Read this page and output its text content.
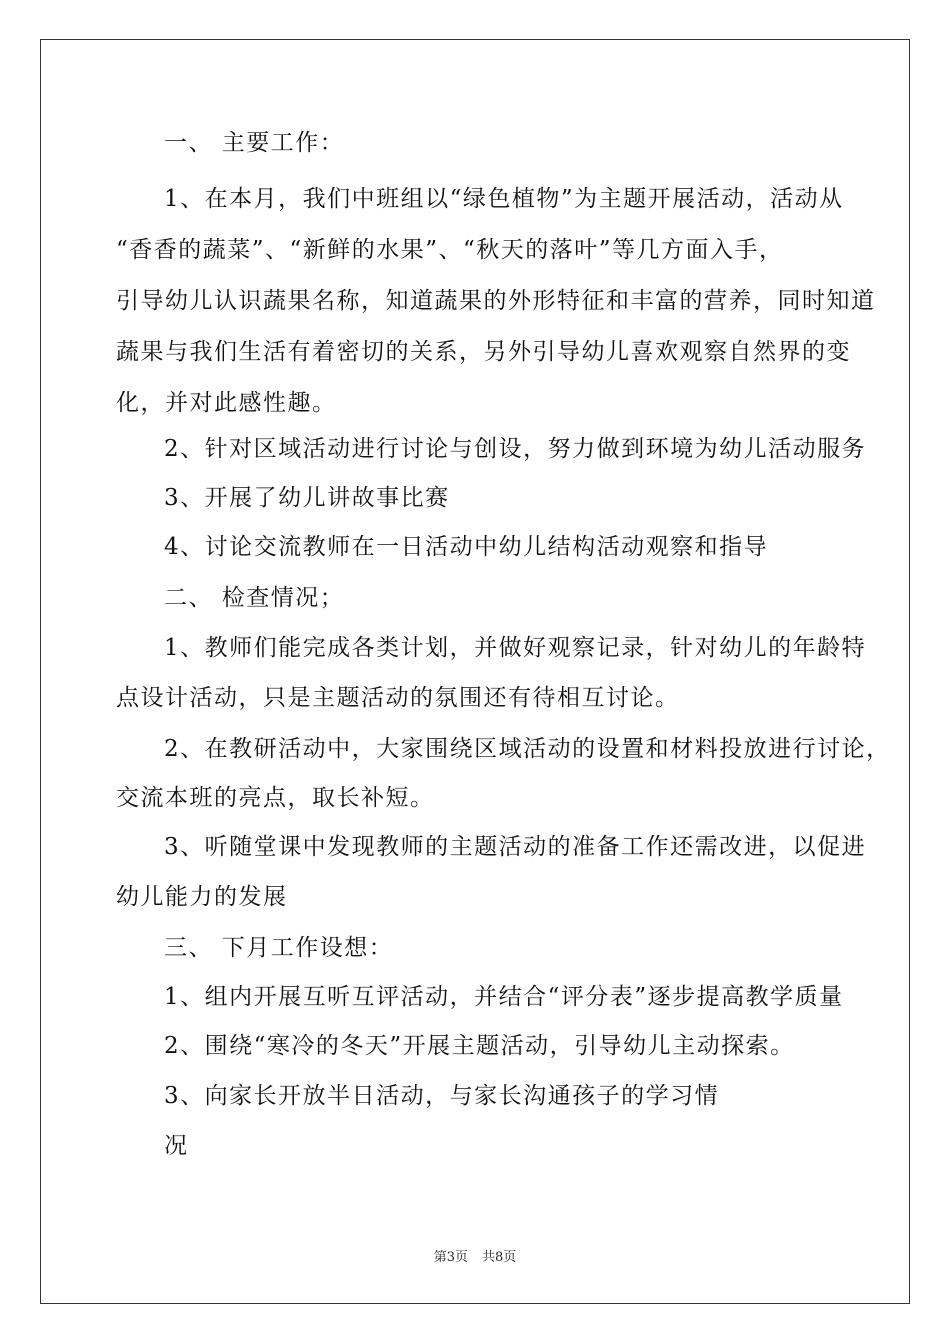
一、 主要工作：
1、在本月，我们中班组以“绿色植物”为主题开展活动，活动从
“香香的蔬菜”、“新鲜的水果”、“秋天的落叶”等几方面入手，
引导幼儿认识蔬果名称，知道蔬果的外形特征和丰富的营养，同时知道
蔬果与我们生活有着密切的关系，另外引导幼儿喜欢观察自然界的变
化，并对此感性趣。
2、针对区域活动进行讨论与创设，努力做到环境为幼儿活动服务
3、开展了幼儿讲故事比赛
4、讨论交流教师在一日活动中幼儿结构活动观察和指导
二、 检查情况；
1、教师们能完成各类计划，并做好观察记录，针对幼儿的年龄特
点设计活动，只是主题活动的氛围还有待相互讨论。
2、在教研活动中，大家围绕区域活动的设置和材料投放进行讨论，
交流本班的亮点，取长补短。
3、听随堂课中发现教师的主题活动的准备工作还需改进，以促进
幼儿能力的发展
三、 下月工作设想：
1、组内开展互听互评活动，并结合“评分表”逐步提高教学质量
2、围绕“寒冷的冬天”开展主题活动，引导幼儿主动探索。
3、向家长开放半日活动，与家长沟通孩子的学习情
况
第3页 共8页
